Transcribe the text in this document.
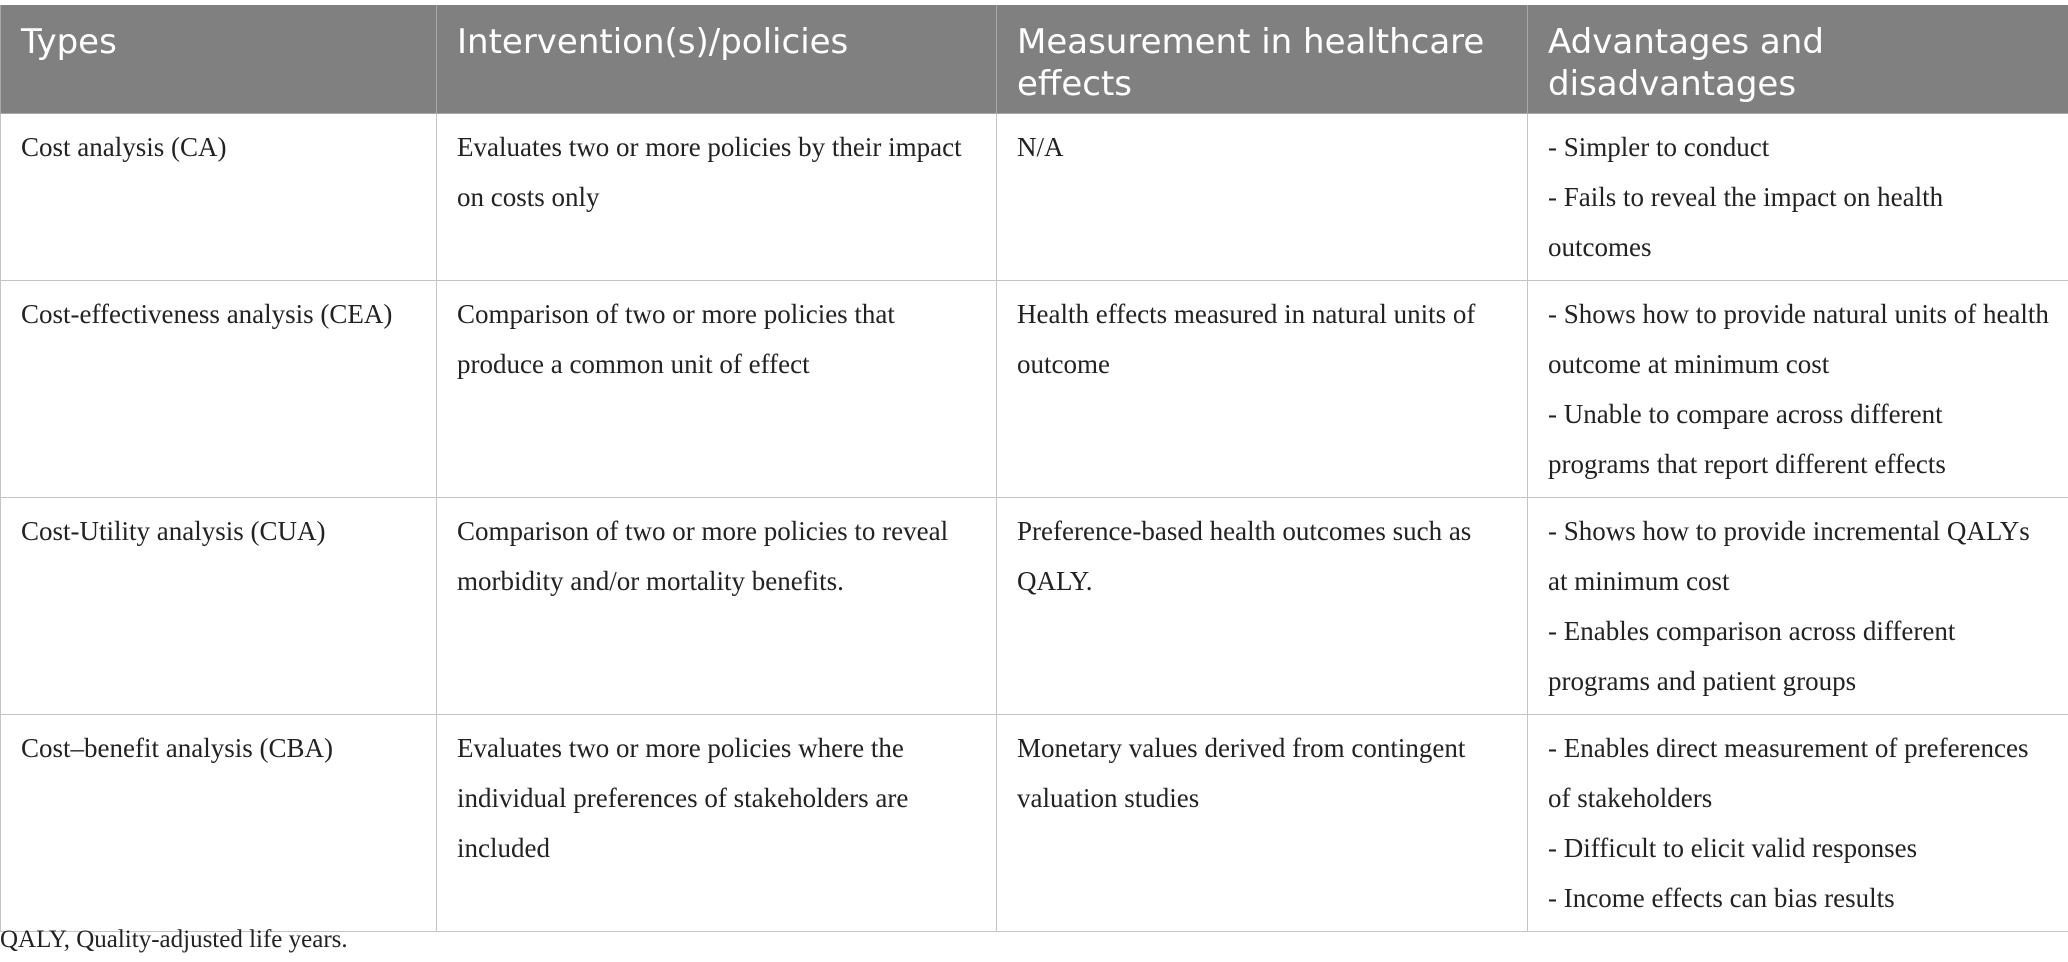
Types	Intervention(s)/policies	Measurement in healthcare effects	Advantages and disadvantages
Cost analysis (CA)	Evaluates two or more policies by their impact on costs only	N/A	- Simpler to conduct
- Fails to reveal the impact on health outcomes

Cost-effectiveness analysis (CEA)	Comparison of two or more policies that produce a common unit of effect	Health effects measured in natural units of outcome	- Shows how to provide natural units of health outcome at minimum cost
- Unable to compare across different programs that report different effects

Cost-Utility analysis (CUA)	Comparison of two or more policies to reveal morbidity and/or mortality benefits.	Preference-based health outcomes such as QALY.	- Shows how to provide incremental QALYs at minimum cost
- Enables comparison across different programs and patient groups

Cost–benefit analysis (CBA)	Evaluates two or more policies where the individual preferences of stakeholders are included	Monetary values derived from contingent valuation studies	- Enables direct measurement of preferences of stakeholders
- Difficult to elicit valid responses
- Income effects can bias results
QALY, Quality-adjusted life years.
